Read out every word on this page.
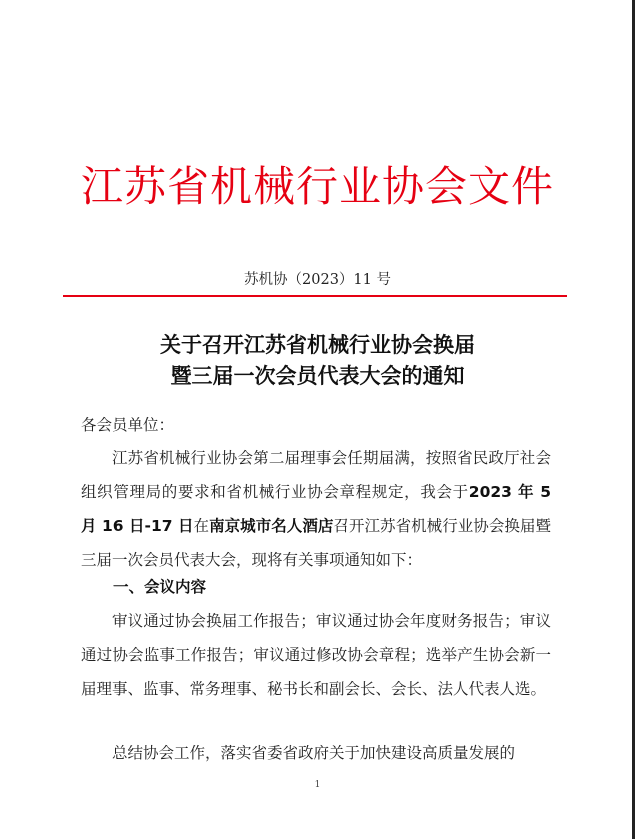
江苏省机械行业协会文件
苏机协（2023）11 号
关于召开江苏省机械行业协会换届
暨三届一次会员代表大会的通知
各会员单位：
江苏省机械行业协会第二届理事会任期届满，按照省民政厅社会组织管理局的要求和省机械行业协会章程规定，我会于2023 年 5 月 16 日-17 日在南京城市名人酒店召开江苏省机械行业协会换届暨三届一次会员代表大会，现将有关事项通知如下：
一、会议内容
审议通过协会换届工作报告；审议通过协会年度财务报告；审议通过协会监事工作报告；审议通过修改协会章程；选举产生协会新一届理事、监事、常务理事、秘书长和副会长、会长、法人代表人选。
总结协会工作，落实省委省政府关于加快建设高质量发展的
1
